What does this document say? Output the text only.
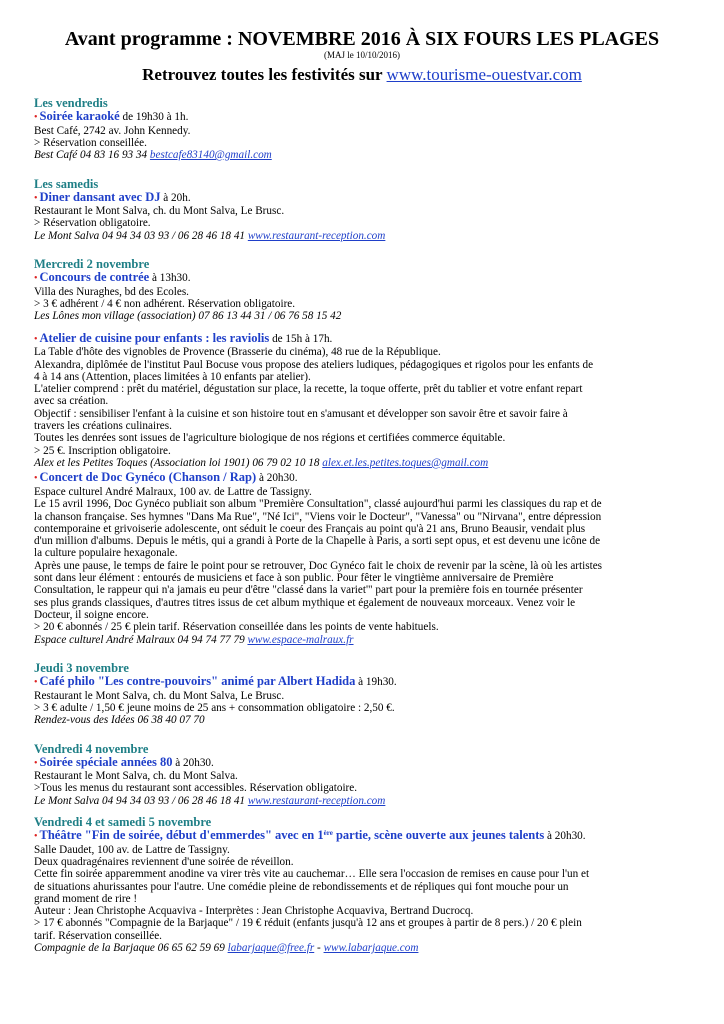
Avant programme : NOVEMBRE 2016 À SIX FOURS LES PLAGES

(MAJ le 10/10/2016)

Retrouvez toutes les festivités sur www.tourisme-ouestvar.com

Les vendredis

• Soirée karaoké de 19h30 à 1h.

Best Café, 2742 av. John Kennedy.

> Réservation conseillée.

Best Café 04 83 16 93 34 bestcafe83140@gmail.com

Les samedis

• Diner dansant avec DJ à 20h.

Restaurant le Mont Salva, ch. du Mont Salva, Le Brusc.

> Réservation obligatoire.

Le Mont Salva 04 94 34 03 93 / 06 28 46 18 41 www.restaurant-reception.com

Mercredi 2 novembre

• Concours de contrée à 13h30.

Villa des Nuraghes, bd des Ecoles.

> 3 € adhérent / 4 € non adhérent. Réservation obligatoire.

Les Lônes mon village (association) 07 86 13 44 31 / 06 76 58 15 42

• Atelier de cuisine pour enfants : les raviolis de 15h à 17h.

La Table d'hôte des vignobles de Provence (Brasserie du cinéma), 48 rue de la République.

Alexandra, diplômée de l'institut Paul Bocuse vous propose des ateliers ludiques, pédagogiques et rigolos pour les enfants de

4 à 14 ans (Attention, places limitées à 10 enfants par atelier).

L'atelier comprend : prêt du matériel, dégustation sur place, la recette, la toque offerte, prêt du tablier et votre enfant repart

avec sa création.

Objectif : sensibiliser l'enfant à la cuisine et son histoire tout en s'amusant et développer son savoir être et savoir faire à

travers les créations culinaires.

Toutes les denrées sont issues de l'agriculture biologique de nos régions et certifiées commerce équitable.

> 25 €. Inscription obligatoire.

Alex et les Petites Toques (Association loi 1901) 06 79 02 10 18 alex.et.les.petites.toques@gmail.com

• Concert de Doc Gynéco (Chanson / Rap) à 20h30.

Espace culturel André Malraux, 100 av. de Lattre de Tassigny.

Le 15 avril 1996, Doc Gynéco publiait son album "Première Consultation", classé aujourd'hui parmi les classiques du rap et de

la chanson française. Ses hymnes "Dans Ma Rue", "Né Ici", "Viens voir le Docteur", "Vanessa" ou "Nirvana", entre dépression

contemporaine et grivoiserie adolescente, ont séduit le coeur des Français au point qu'à 21 ans, Bruno Beausir, vendait plus

d'un million d'albums. Depuis le métis, qui a grandi à Porte de la Chapelle à Paris, a sorti sept opus, et est devenu une icône de

la culture populaire hexagonale.

Après une pause, le temps de faire le point pour se retrouver, Doc Gynéco fait le choix de revenir par la scène, là où les artistes

sont dans leur élément : entourés de musiciens et face à son public. Pour fêter le vingtième anniversaire de Première

Consultation, le rappeur qui n'a jamais eu peur d'être "classé dans la variet'" part pour la première fois en tournée présenter

ses plus grands classiques, d'autres titres issus de cet album mythique et également de nouveaux morceaux. Venez voir le

Docteur, il soigne encore.

> 20 € abonnés / 25 € plein tarif. Réservation conseillée dans les points de vente habituels.

Espace culturel André Malraux 04 94 74 77 79 www.espace-malraux.fr

Jeudi 3 novembre

• Café philo "Les contre-pouvoirs" animé par Albert Hadida à 19h30.

Restaurant le Mont Salva, ch. du Mont Salva, Le Brusc.

> 3 € adulte / 1,50 € jeune moins de 25 ans + consommation obligatoire : 2,50 €.

Rendez-vous des Idées 06 38 40 07 70

Vendredi 4 novembre

• Soirée spéciale années 80 à 20h30.

Restaurant le Mont Salva, ch. du Mont Salva.

>Tous les menus du restaurant sont accessibles. Réservation obligatoire.

Le Mont Salva 04 94 34 03 93 / 06 28 46 18 41 www.restaurant-reception.com

Vendredi 4 et samedi 5 novembre

• Théâtre "Fin de soirée, début d'emmerdes" avec en 1ère partie, scène ouverte aux jeunes talents à 20h30.

Salle Daudet, 100 av. de Lattre de Tassigny.

Deux quadragénaires reviennent d'une soirée de réveillon.

Cette fin soirée apparemment anodine va virer très vite au cauchemar… Elle sera l'occasion de remises en cause pour l'un et

de situations ahurissantes pour l'autre. Une comédie pleine de rebondissements et de répliques qui font mouche pour un

grand moment de rire !

Auteur : Jean Christophe Acquaviva - Interprètes : Jean Christophe Acquaviva, Bertrand Ducrocq.

> 17 € abonnés "Compagnie de la Barjaque" / 19 € réduit (enfants jusqu'à 12 ans et groupes à partir de 8 pers.) / 20 € plein

tarif. Réservation conseillée.

Compagnie de la Barjaque 06 65 62 59 69 labarjaque@free.fr - www.labarjaque.com
